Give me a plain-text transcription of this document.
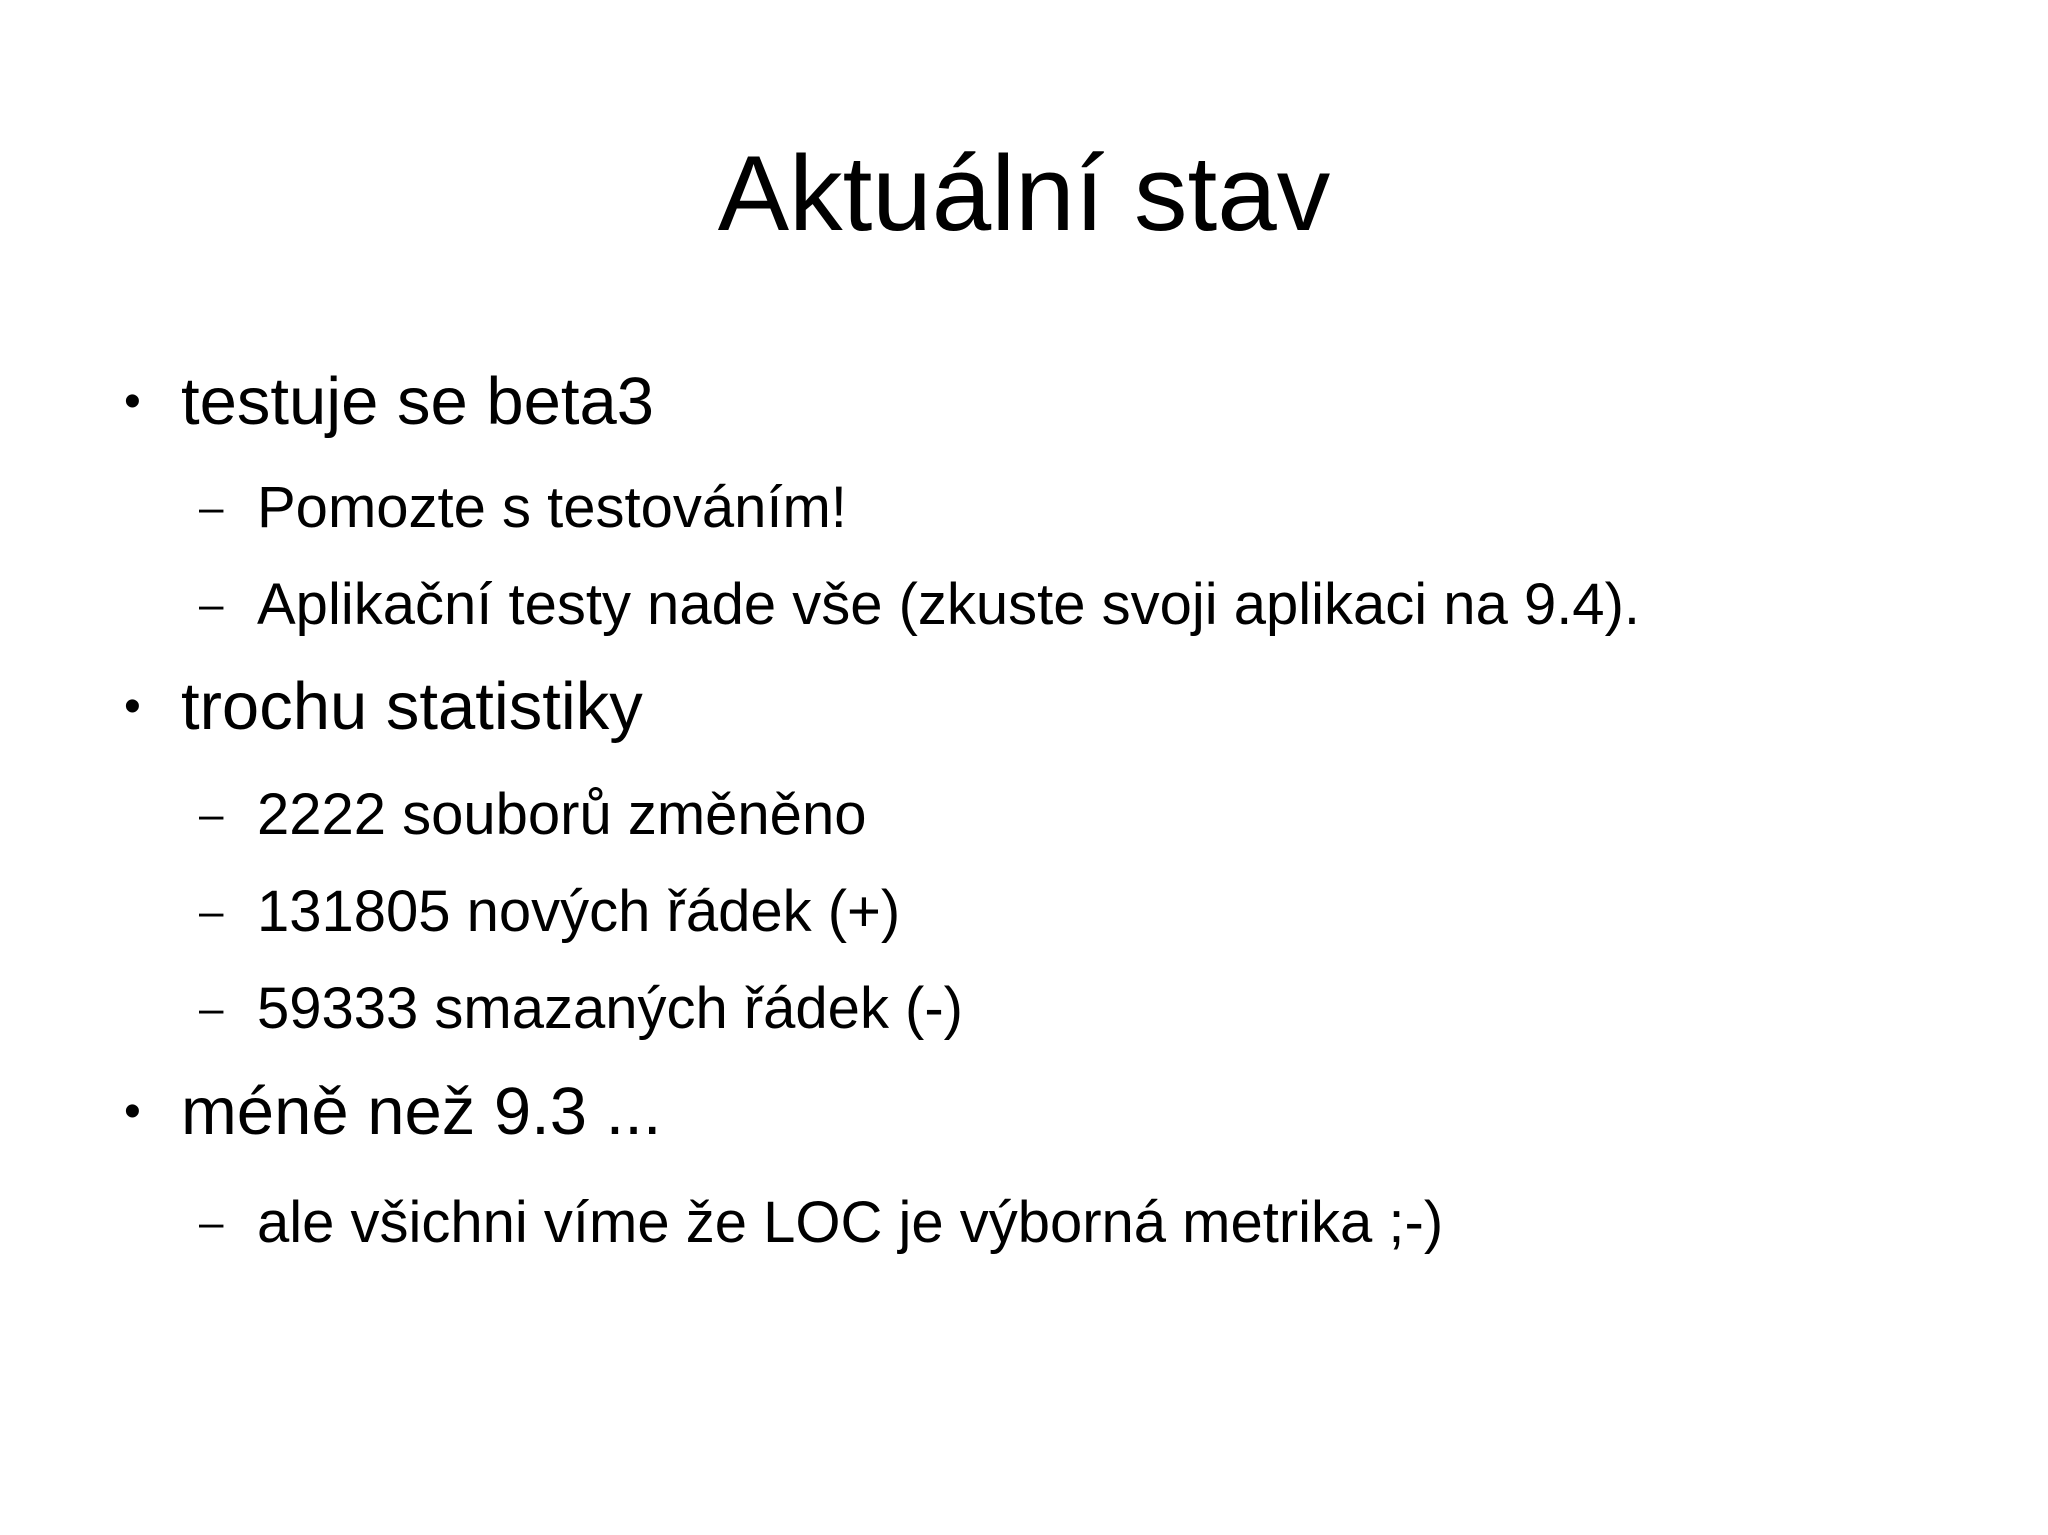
Aktuální stav
• testuje se beta3
– Pomozte s testováním!
– Aplikační testy nade vše (zkuste svoji aplikaci na 9.4).
• trochu statistiky
– 2222 souborů změněno
– 131805 nových řádek (+)
– 59333 smazaných řádek (-)
• méně než 9.3 ...
– ale všichni víme že LOC je výborná metrika ;-)
